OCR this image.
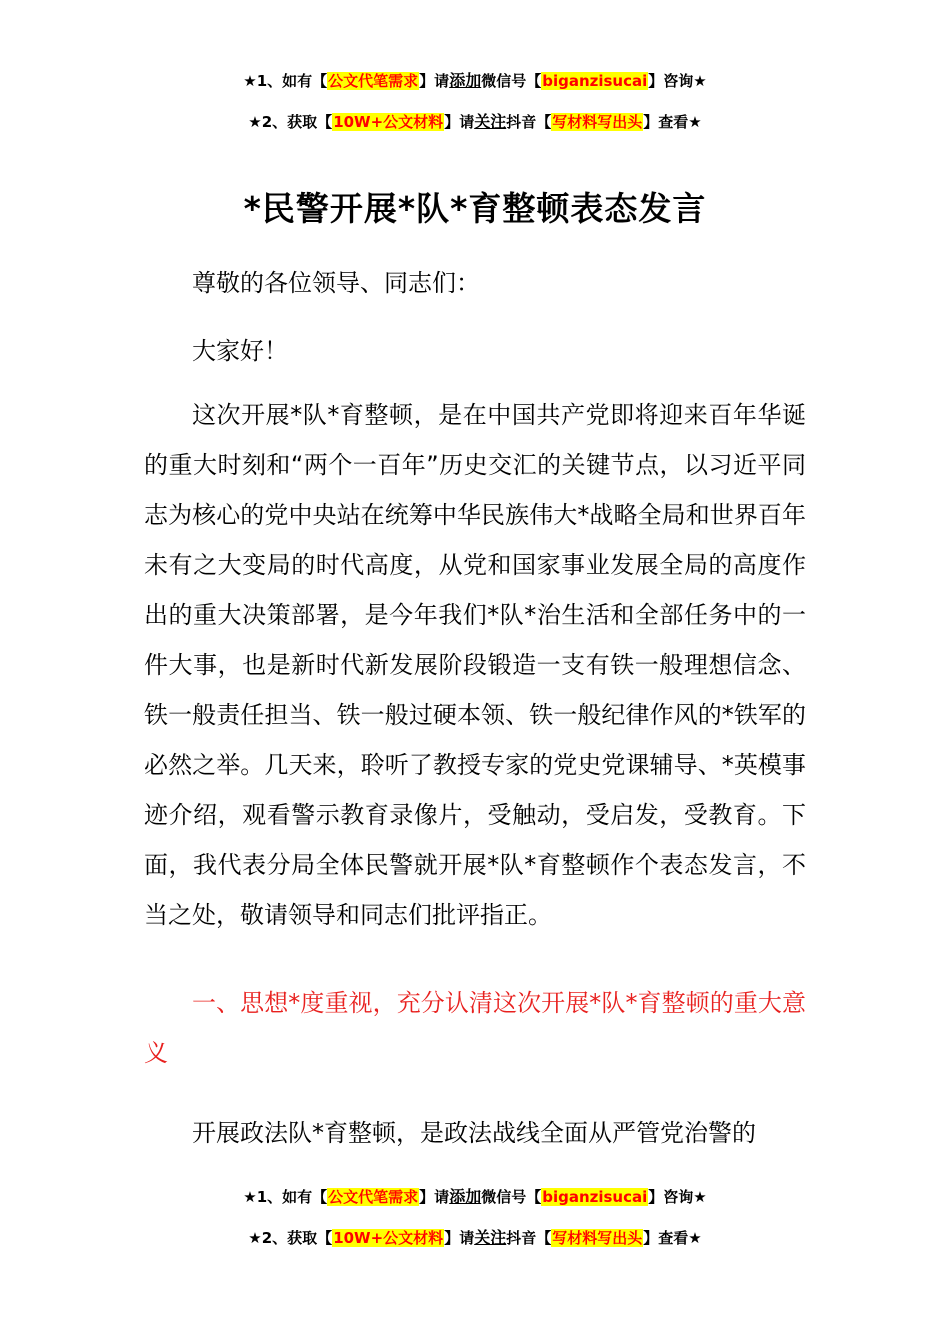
★1、如有【公文代笔需求】请添加微信号【biganzisucai】咨询★
★2、获取【10W+公文材料】请关注抖音【写材料写出头】查看★
*民警开展*队*育整顿表态发言

尊敬的各位领导、同志们：

大家好！

这次开展*队*育整顿，是在中国共产党即将迎来百年华诞的重大时刻和“两个一百年”历史交汇的关键节点，以习近平同志为核心的党中央站在统筹中华民族伟大*战略全局和世界百年未有之大变局的时代高度，从党和国家事业发展全局的高度作出的重大决策部署，是今年我们*队*治生活和全部任务中的一件大事，也是新时代新发展阶段锻造一支有铁一般理想信念、铁一般责任担当、铁一般过硬本领、铁一般纪律作风的*铁军的必然之举。几天来，聆听了教授专家的党史党课辅导、*英模事迹介绍，观看警示教育录像片，受触动，受启发，受教育。下面，我代表分局全体民警就开展*队*育整顿作个表态发言，不当之处，敬请领导和同志们批评指正。

一、思想*度重视，充分认清这次开展*队*育整顿的重大意义

开展政法队*育整顿，是政法战线全面从严管党治警的

★1、如有【公文代笔需求】请添加微信号【biganzisucai】咨询★
★2、获取【10W+公文材料】请关注抖音【写材料写出头】查看★
